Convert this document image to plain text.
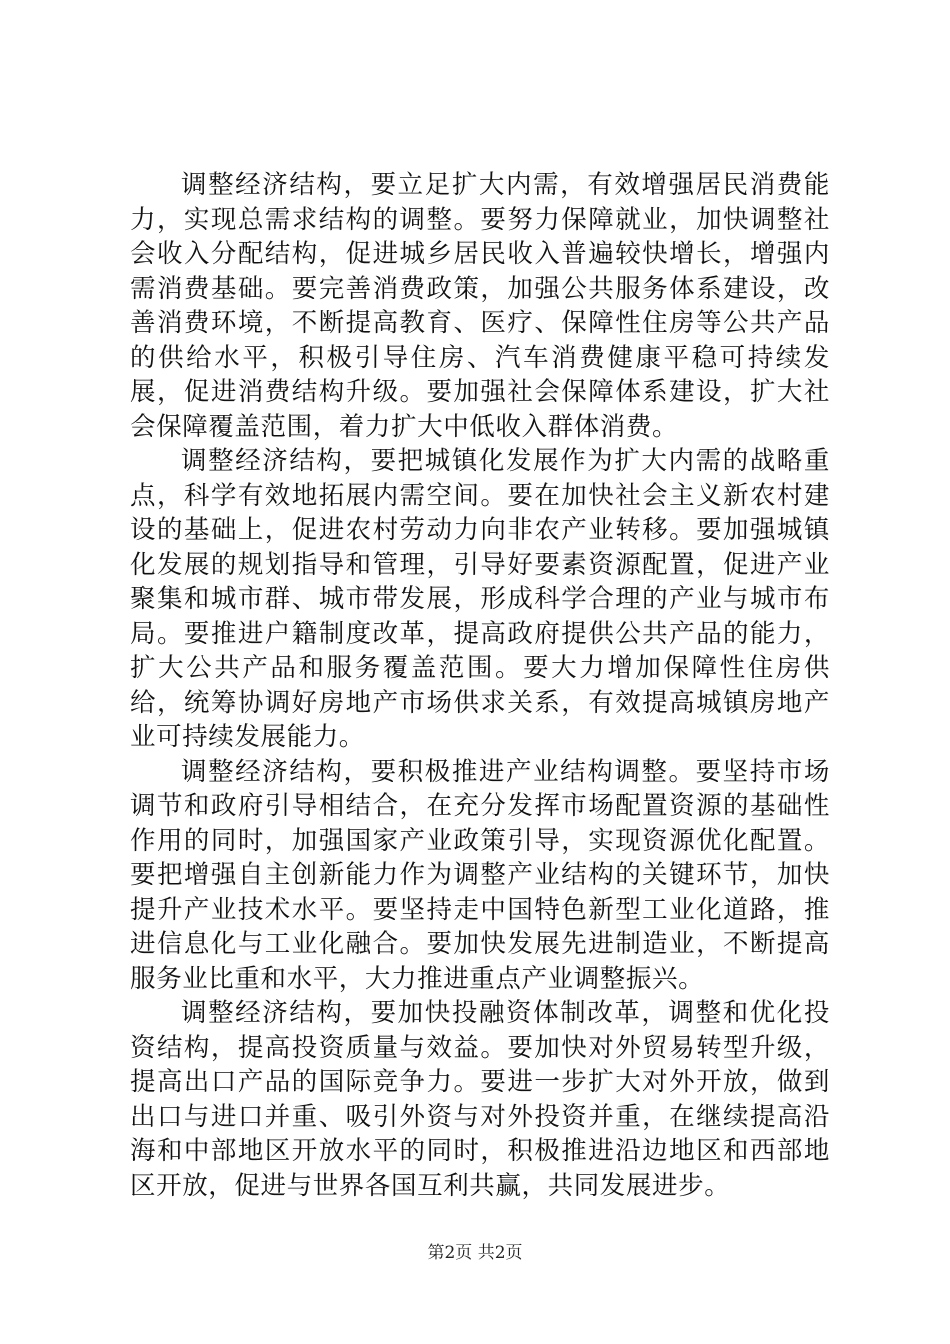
调整经济结构，要立足扩大内需，有效增强居民消费能力，实现总需求结构的调整。要努力保障就业，加快调整社会收入分配结构，促进城乡居民收入普遍较快增长，增强内需消费基础。要完善消费政策，加强公共服务体系建设，改善消费环境，不断提高教育、医疗、保障性住房等公共产品的供给水平，积极引导住房、汽车消费健康平稳可持续发展，促进消费结构升级。要加强社会保障体系建设，扩大社会保障覆盖范围，着力扩大中低收入群体消费。

调整经济结构，要把城镇化发展作为扩大内需的战略重点，科学有效地拓展内需空间。要在加快社会主义新农村建设的基础上，促进农村劳动力向非农产业转移。要加强城镇化发展的规划指导和管理，引导好要素资源配置，促进产业聚集和城市群、城市带发展，形成科学合理的产业与城市布局。要推进户籍制度改革，提高政府提供公共产品的能力，扩大公共产品和服务覆盖范围。要大力增加保障性住房供给，统筹协调好房地产市场供求关系，有效提高城镇房地产业可持续发展能力。

调整经济结构，要积极推进产业结构调整。要坚持市场调节和政府引导相结合，在充分发挥市场配置资源的基础性作用的同时，加强国家产业政策引导，实现资源优化配置。要把增强自主创新能力作为调整产业结构的关键环节，加快提升产业技术水平。要坚持走中国特色新型工业化道路，推进信息化与工业化融合。要加快发展先进制造业，不断提高服务业比重和水平，大力推进重点产业调整振兴。

调整经济结构，要加快投融资体制改革，调整和优化投资结构，提高投资质量与效益。要加快对外贸易转型升级，提高出口产品的国际竞争力。要进一步扩大对外开放，做到出口与进口并重、吸引外资与对外投资并重，在继续提高沿海和中部地区开放水平的同时，积极推进沿边地区和西部地区开放，促进与世界各国互利共赢，共同发展进步。

第2页 共2页
